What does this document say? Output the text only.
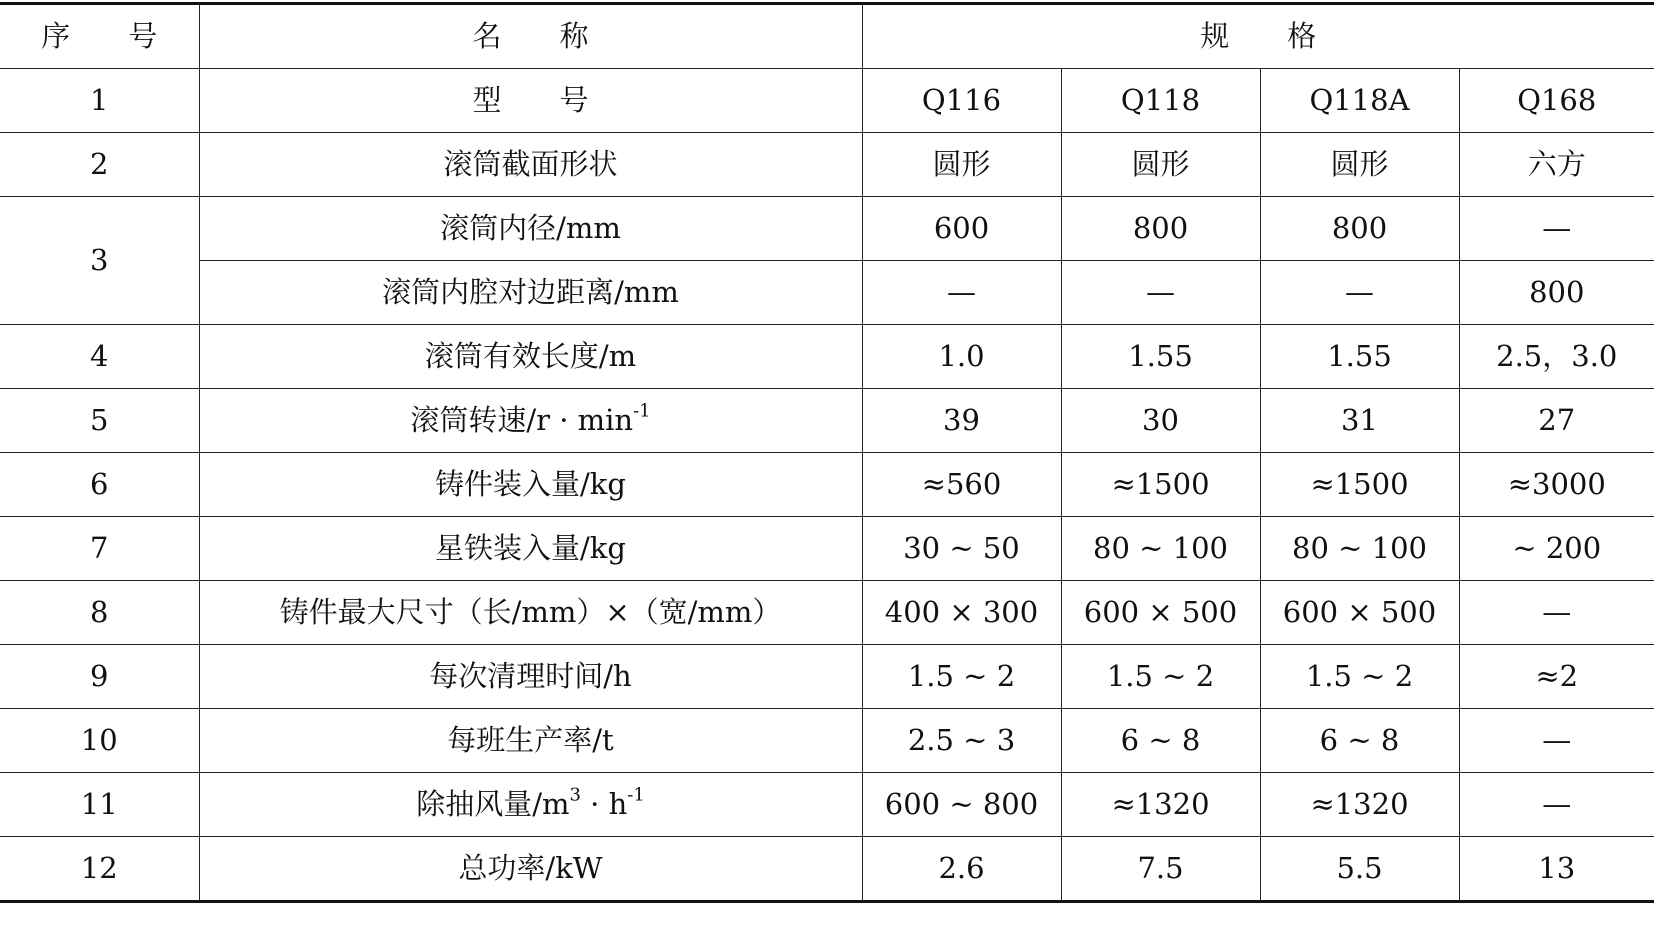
序　　号	名　　称	规　　格			
1	型　　号	Q116	Q118	Q118A	Q168
2	滚筒截面形状	圆形	圆形	圆形	六方
3	滚筒内径/mm	600	800	800	—
	滚筒内腔对边距离/mm	—	—	—	800
4	滚筒有效长度/m	1.0	1.55	1.55	2.5，3.0
5	滚筒转速$/r \cdot \min^{-1}$	39	30	31	27
6	铸件装入量/kg	≈560	≈1500	≈1500	≈3000
7	星铁装入量/kg	30 ~ 50	80 ~ 100	80 ~ 100	~ 200
8	铸件最大尺寸（长/mm）×（宽/mm）	400 × 300	600 × 500	600 × 500	—
9	每次清理时间/h	1.5 ~ 2	1.5 ~ 2	1.5 ~ 2	≈2
10	每班生产率/t	2.5 ~ 3	6 ~ 8	6 ~ 8	—
11	除抽风量$/m^3 \cdot h^{-1}$	600 ~ 800	≈1320	≈1320	—
12	总功率/kW	2.6	7.5	5.5	13
